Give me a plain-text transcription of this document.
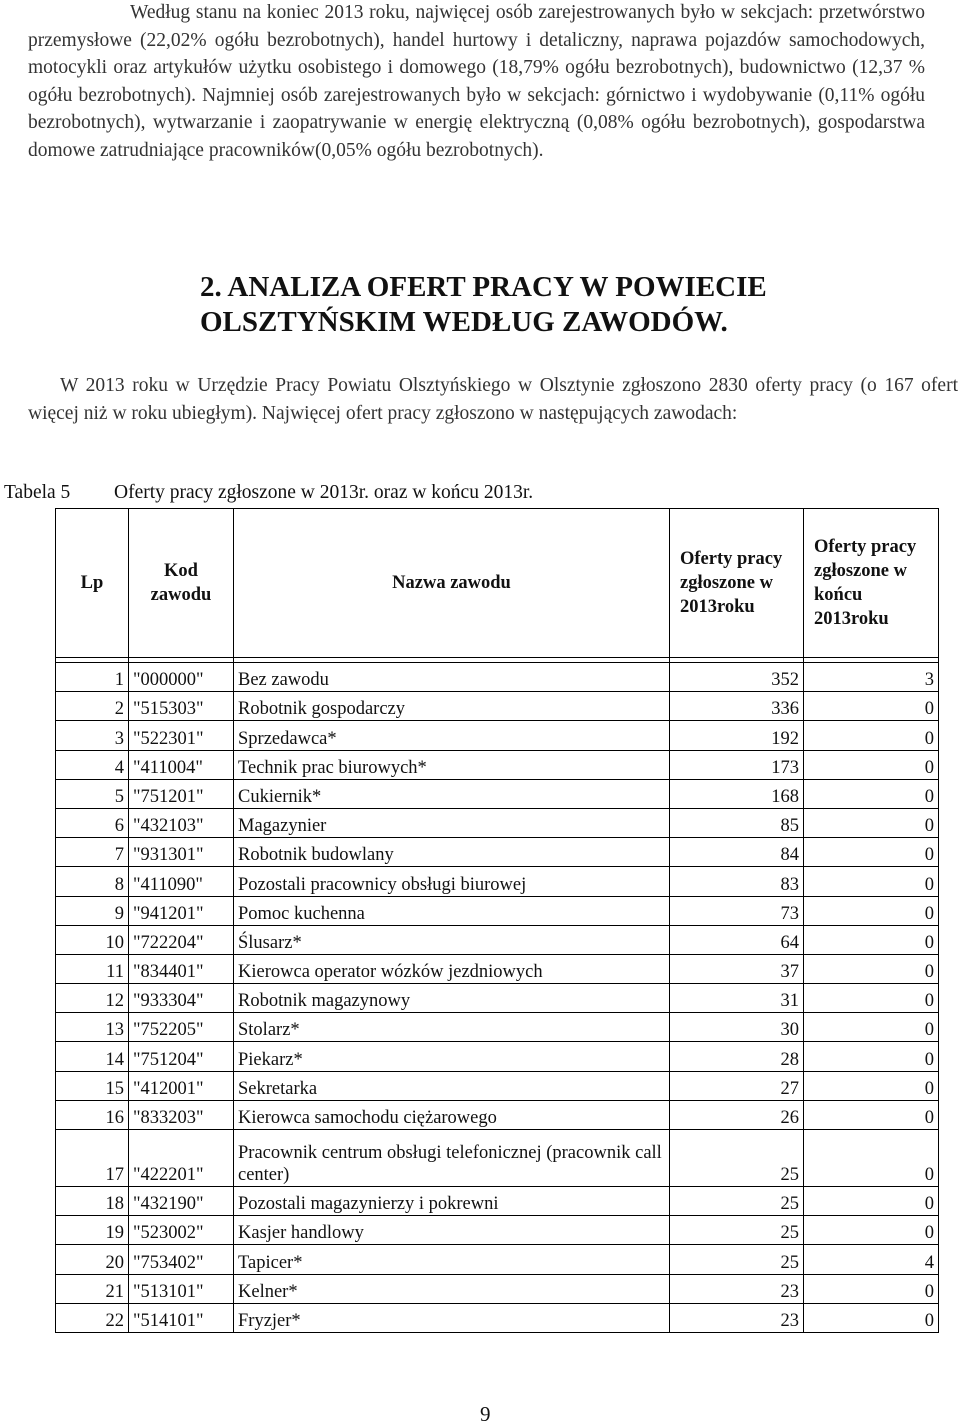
Według stanu na koniec 2013 roku, najwięcej osób zarejestrowanych było w sekcjach: przetwórstwo przemysłowe (22,02% ogółu bezrobotnych), handel hurtowy i detaliczny, naprawa pojazdów samochodowych, motocykli oraz artykułów użytku osobistego i domowego (18,79% ogółu bezrobotnych), budownictwo (12,37 % ogółu bezrobotnych). Najmniej osób zarejestrowanych było w sekcjach: górnictwo i wydobywanie (0,11% ogółu bezrobotnych), wytwarzanie i zaopatrywanie w energię elektryczną (0,08% ogółu bezrobotnych), gospodarstwa domowe zatrudniające pracowników(0,05% ogółu bezrobotnych).

2. ANALIZA OFERT PRACY W POWIECIE OLSZTYŃSKIM WEDŁUG ZAWODÓW.

W 2013 roku w Urzędzie Pracy Powiatu Olsztyńskiego w Olsztynie zgłoszono 2830 oferty pracy (o 167 ofert więcej niż w roku ubiegłym). Najwięcej ofert pracy zgłoszono w następujących zawodach:

Tabela 5 Oferty pracy zgłoszone w 2013r. oraz w końcu 2013r.
Lp	Kod zawodu	Nazwa zawodu	Oferty pracy zgłoszone w 2013roku	Oferty pracy zgłoszone w końcu 2013roku

1	"000000"	Bez zawodu	352	3
2	"515303"	Robotnik gospodarczy	336	0
3	"522301"	Sprzedawca*	192	0
4	"411004"	Technik prac biurowych*	173	0
5	"751201"	Cukiernik*	168	0
6	"432103"	Magazynier	85	0
7	"931301"	Robotnik budowlany	84	0
8	"411090"	Pozostali pracownicy obsługi biurowej	83	0
9	"941201"	Pomoc kuchenna	73	0
10	"722204"	Ślusarz*	64	0
11	"834401"	Kierowca operator wózków jezdniowych	37	0
12	"933304"	Robotnik magazynowy	31	0
13	"752205"	Stolarz*	30	0
14	"751204"	Piekarz*	28	0
15	"412001"	Sekretarka	27	0
16	"833203"	Kierowca samochodu ciężarowego	26	0
17	"422201"	Pracownik centrum obsługi telefonicznej (pracownik call center)	25	0
18	"432190"	Pozostali magazynierzy i pokrewni	25	0
19	"523002"	Kasjer handlowy	25	0
20	"753402"	Tapicer*	25	4
21	"513101"	Kelner*	23	0
22	"514101"	Fryzjer*	23	0
9
